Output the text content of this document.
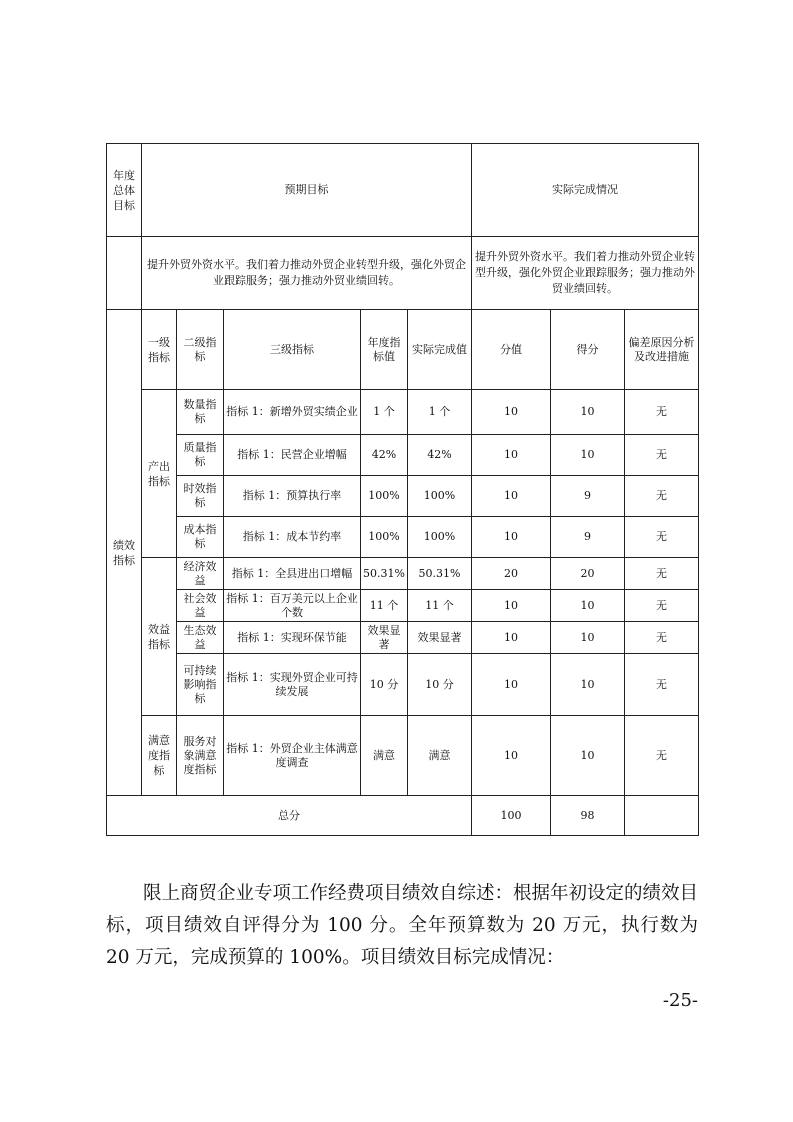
年度总体目标	预期目标					实际完成情况		
	提升外贸外资水平。我们着力推动外贸企业转型升级，强化外贸企业跟踪服务；强力推动外贸业绩回转。					提升外贸外资水平。我们着力推动外贸企业转型升级，强化外贸企业跟踪服务；强力推动外贸业绩回转。		
绩效指标	一级指标	二级指标	三级指标	年度指标值	实际完成值	分值	得分	偏差原因分析及改进措施
	产出指标	数量指标	指标 1：新增外贸实绩企业	1 个	1 个	10	10	无
		质量指标	指标 1：民营企业增幅	42%	42%	10	10	无
		时效指标	指标 1：预算执行率	100%	100%	10	9	无
		成本指标	指标 1：成本节约率	100%	100%	10	9	无
	效益指标	经济效益	指标 1：全县进出口增幅	50.31%	50.31%	20	20	无
		社会效益	指标 1：百万美元以上企业个数	11 个	11 个	10	10	无
		生态效益	指标 1：实现环保节能	效果显著	效果显著	10	10	无
		可持续影响指标	指标 1：实现外贸企业可持续发展	10 分	10 分	10	10	无
	满意度指标	服务对象满意度指标	指标 1：外贸企业主体满意度调查	满意	满意	10	10	无
总分						100	98	

限上商贸企业专项工作经费项目绩效自综述：根据年初设定的绩效目标，项目绩效自评得分为 100 分。全年预算数为 20 万元，执行数为 20 万元，完成预算的 100%。项目绩效目标完成情况：

-25-
